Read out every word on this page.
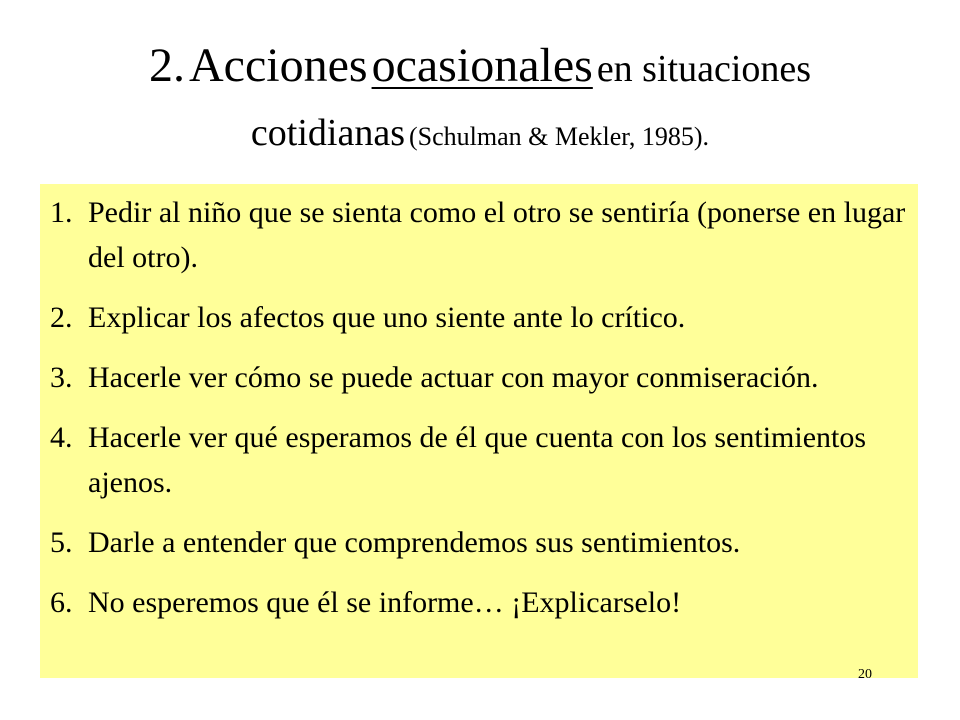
2. Acciones ocasionales en situaciones
cotidianas (Schulman & Mekler, 1985).
1. Pedir al niño que se sienta como el otro se sentiría (ponerse en lugar del otro).
2. Explicar los afectos que uno siente ante lo crítico.
3. Hacerle ver cómo se puede actuar con mayor conmiseración.
4. Hacerle ver qué esperamos de él que cuenta con los sentimientos ajenos.
5. Darle a entender que comprendemos sus sentimientos.
6. No esperemos que él se informe… ¡Explicarselo!
20
